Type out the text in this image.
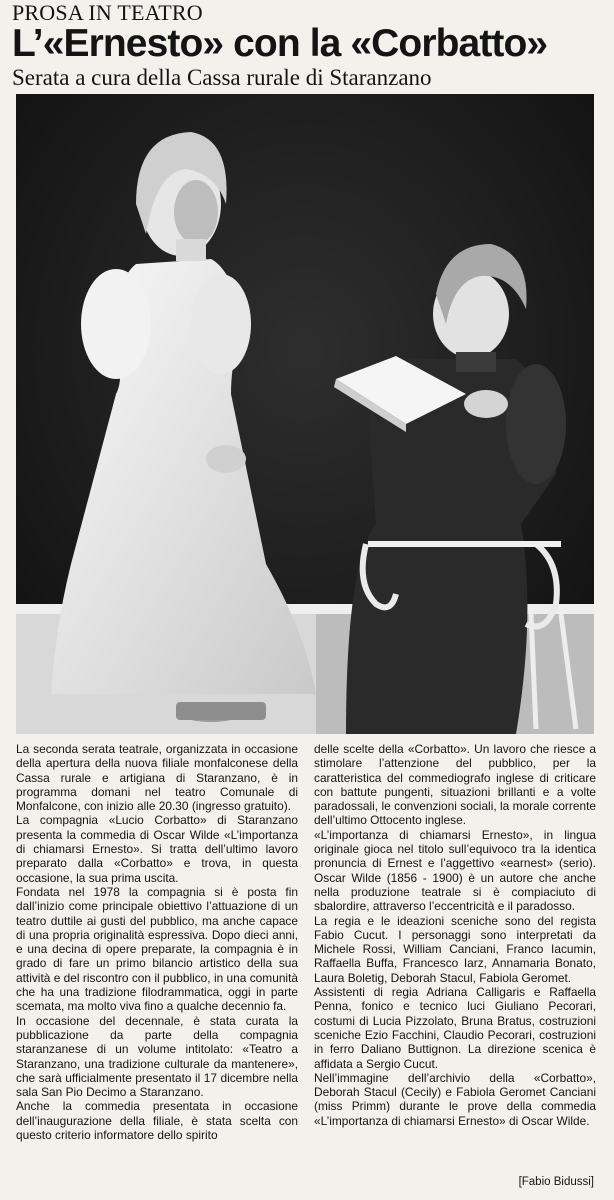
PROSA IN TEATRO
L’«Ernesto» con la «Corbatto»
Serata a cura della Cassa rurale di Staranzano

La seconda serata teatrale, organizzata in occasione della apertura della nuova filiale monfalconese della Cassa rurale e artigiana di Staranzano, è in programma domani nel teatro Comunale di Monfalcone, con inizio alle 20.30 (ingresso gratuito).

La compagnia «Lucio Corbatto» di Staranzano presenta la commedia di Oscar Wilde «L’importanza di chiamarsi Ernesto». Si tratta dell’ultimo lavoro preparato dalla «Corbatto» e trova, in questa occasione, la sua prima uscita.

Fondata nel 1978 la compagnia si è posta fin dall’inizio come principale obiettivo l’attuazione di un teatro duttile ai gusti del pubblico, ma anche capace di una propria originalità espressiva. Dopo dieci anni, e una decina di opere preparate, la compagnia è in grado di fare un primo bilancio artistico della sua attività e del riscontro con il pubblico, in una comunità che ha una tradizione filodrammatica, oggi in parte scemata, ma molto viva fino a qualche decennio fa.

In occasione del decennale, è stata curata la pubblicazione da parte della compagnia staranzanese di un volume intitolato: «Teatro a Staranzano, una tradizione culturale da mantenere», che sarà ufficialmente presentato il 17 dicembre nella sala San Pio Decimo a Staranzano.

Anche la commedia presentata in occasione dell’inaugurazione della filiale, è stata scelta con questo criterio informatore dello spirito

delle scelte della «Corbatto». Un lavoro che riesce a stimolare l’attenzione del pubblico, per la caratteristica del commediografo inglese di criticare con battute pungenti, situazioni brillanti e a volte paradossali, le convenzioni sociali, la morale corrente dell’ultimo Ottocento inglese.

«L’importanza di chiamarsi Ernesto», in lingua originale gioca nel titolo sull’equivoco tra la identica pronuncia di Ernest e l’aggettivo «earnest» (serio). Oscar Wilde (1856 - 1900) è un autore che anche nella produzione teatrale si è compiaciuto di sbalordire, attraverso l’eccentricità e il paradosso.

La regia e le ideazioni sceniche sono del regista Fabio Cucut. I personaggi sono interpretati da Michele Rossi, William Canciani, Franco Iacumin, Raffaella Buffa, Francesco Iarz, Annamaria Bonato, Laura Boletig, Deborah Stacul, Fabiola Geromet.

Assistenti di regia Adriana Calligaris e Raffaella Penna, fonico e tecnico luci Giuliano Pecorari, costumi di Lucia Pizzolato, Bruna Bratus, costruzioni sceniche Ezio Facchini, Claudio Pecorari, costruzioni in ferro Daliano Buttignon. La direzione scenica è affidata a Sergio Cucut.

Nell’immagine dell’archivio della «Corbatto», Deborah Stacul (Cecily) e Fabiola Geromet Canciani (miss Primm) durante le prove della commedia «L’importanza di chiamarsi Ernesto» di Oscar Wilde.

[Fabio Bidussi]
